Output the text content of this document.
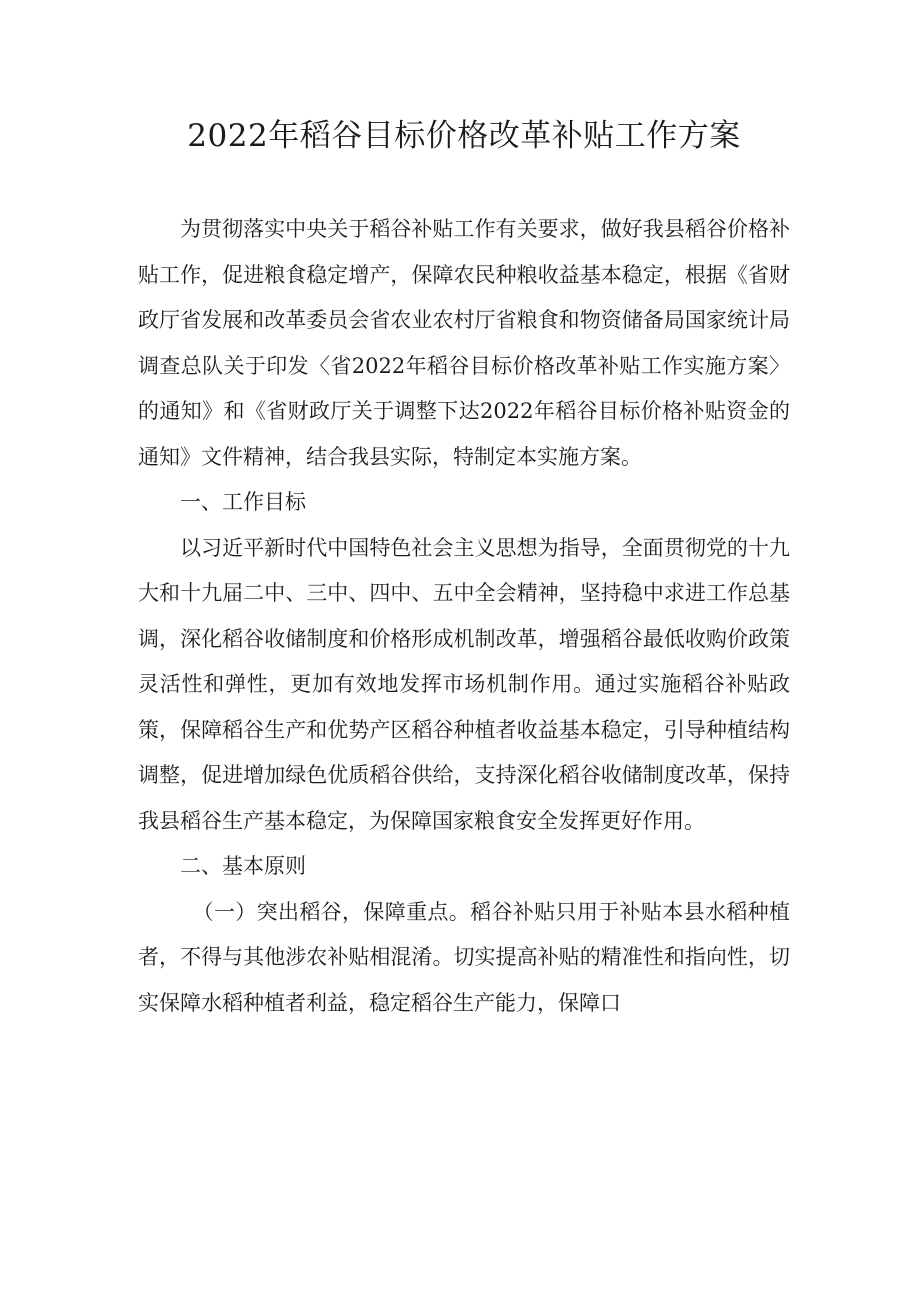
2022年稻谷目标价格改革补贴工作方案

为贯彻落实中央关于稻谷补贴工作有关要求，做好我县稻谷价格补贴工作，促进粮食稳定增产，保障农民种粮收益基本稳定，根据《省财政厅省发展和改革委员会省农业农村厅省粮食和物资储备局国家统计局调查总队关于印发〈省2022年稻谷目标价格改革补贴工作实施方案〉的通知》和《省财政厅关于调整下达2022年稻谷目标价格补贴资金的通知》文件精神，结合我县实际，特制定本实施方案。

一、工作目标

以习近平新时代中国特色社会主义思想为指导，全面贯彻党的十九大和十九届二中、三中、四中、五中全会精神，坚持稳中求进工作总基调，深化稻谷收储制度和价格形成机制改革，增强稻谷最低收购价政策灵活性和弹性，更加有效地发挥市场机制作用。通过实施稻谷补贴政策，保障稻谷生产和优势产区稻谷种植者收益基本稳定，引导种植结构调整，促进增加绿色优质稻谷供给，支持深化稻谷收储制度改革，保持我县稻谷生产基本稳定，为保障国家粮食安全发挥更好作用。

二、基本原则

（一）突出稻谷，保障重点。稻谷补贴只用于补贴本县水稻种植者，不得与其他涉农补贴相混淆。切实提高补贴的精准性和指向性，切实保障水稻种植者利益，稳定稻谷生产能力，保障口
